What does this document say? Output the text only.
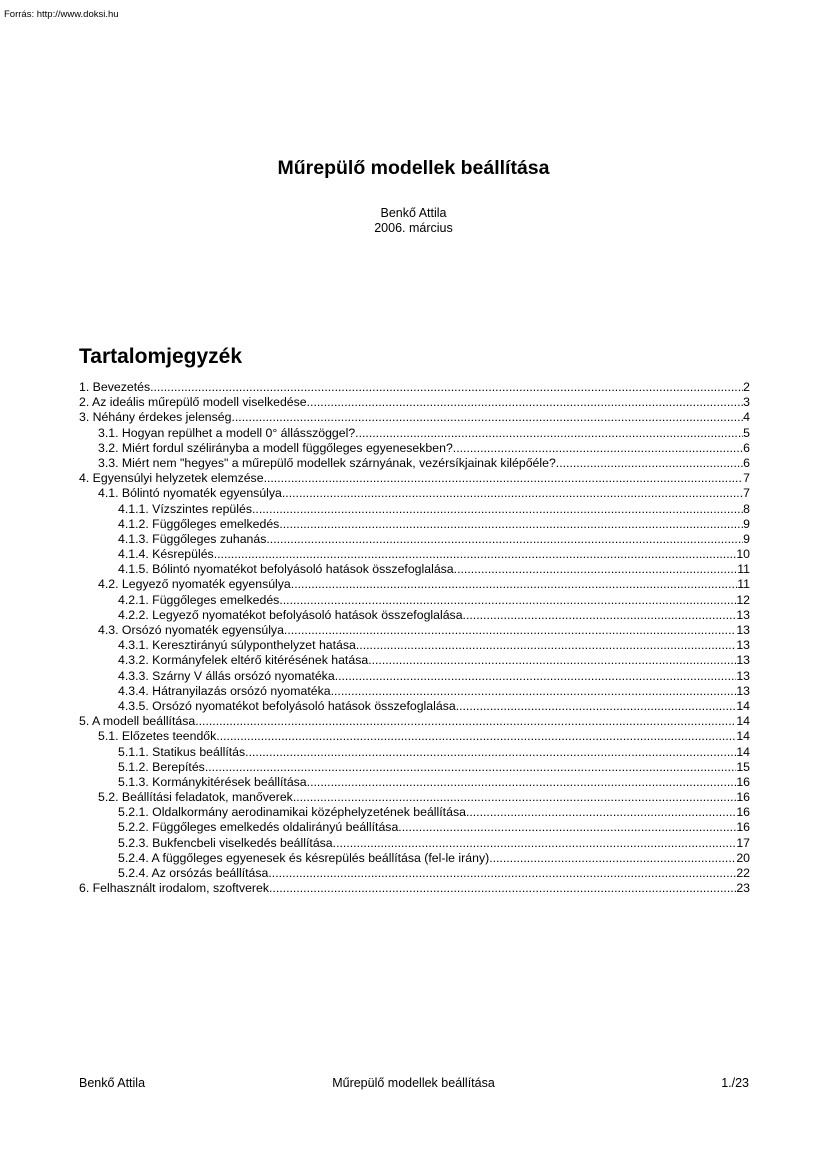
Forrás: http://www.doksi.hu
Műrepülő modellek beállítása
Benkő Attila
2006. március
Tartalomjegyzék
1. Bevezetés .....	2
2. Az ideális műrepülő modell viselkedése .....	3
3. Néhány érdekes jelenség .....	4
3.1. Hogyan repülhet a modell 0° állásszöggel? .....	5
3.2. Miért fordul szélirányba a modell függőleges egyenesekben? .....	6
3.3. Miért nem "hegyes" a műrepülő modellek szárnyának, vezérsíkjainak kilépőéle? .....	6
4. Egyensúlyi helyzetek elemzése .....	7
4.1. Bólintó nyomaték egyensúlya .....	7
4.1.1. Vízszintes repülés .....	8
4.1.2. Függőleges emelkedés .....	9
4.1.3. Függőleges zuhanás .....	9
4.1.4. Késrepülés .....	10
4.1.5. Bólintó nyomatékot befolyásoló hatások összefoglalása .....	11
4.2. Legyező nyomaték egyensúlya .....	11
4.2.1. Függőleges emelkedés .....	12
4.2.2. Legyező nyomatékot befolyásoló hatások összefoglalása .....	13
4.3. Orsózó nyomaték egyensúlya .....	13
4.3.1. Keresztirányú súlyponthelyzet hatása .....	13
4.3.2. Kormányfelek eltérő kitérésének hatása .....	13
4.3.3. Szárny V állás orsózó nyomatéka .....	13
4.3.4. Hátranyilazás orsózó nyomatéka .....	13
4.3.5. Orsózó nyomatékot befolyásoló hatások összefoglalása .....	14
5. A modell beállítása .....	14
5.1. Előzetes teendők .....	14
5.1.1. Statikus beállítás .....	14
5.1.2. Berepítés .....	15
5.1.3. Kormánykitérések beállítása .....	16
5.2. Beállítási feladatok, manőverek .....	16
5.2.1. Oldalkormány aerodinamikai középhelyzetének beállítása .....	16
5.2.2. Függőleges emelkedés oldalirányú beállítása .....	16
5.2.3. Bukfencbeli viselkedés beállítása .....	17
5.2.4. A függőleges egyenesek és késrepülés beállítása (fel-le irány) .....	20
5.2.4. Az orsózás beállítása .....	22
6. Felhasznált irodalom, szoftverek .....	23
Benkő Attila	Műrepülő modellek beállítása	1./23
